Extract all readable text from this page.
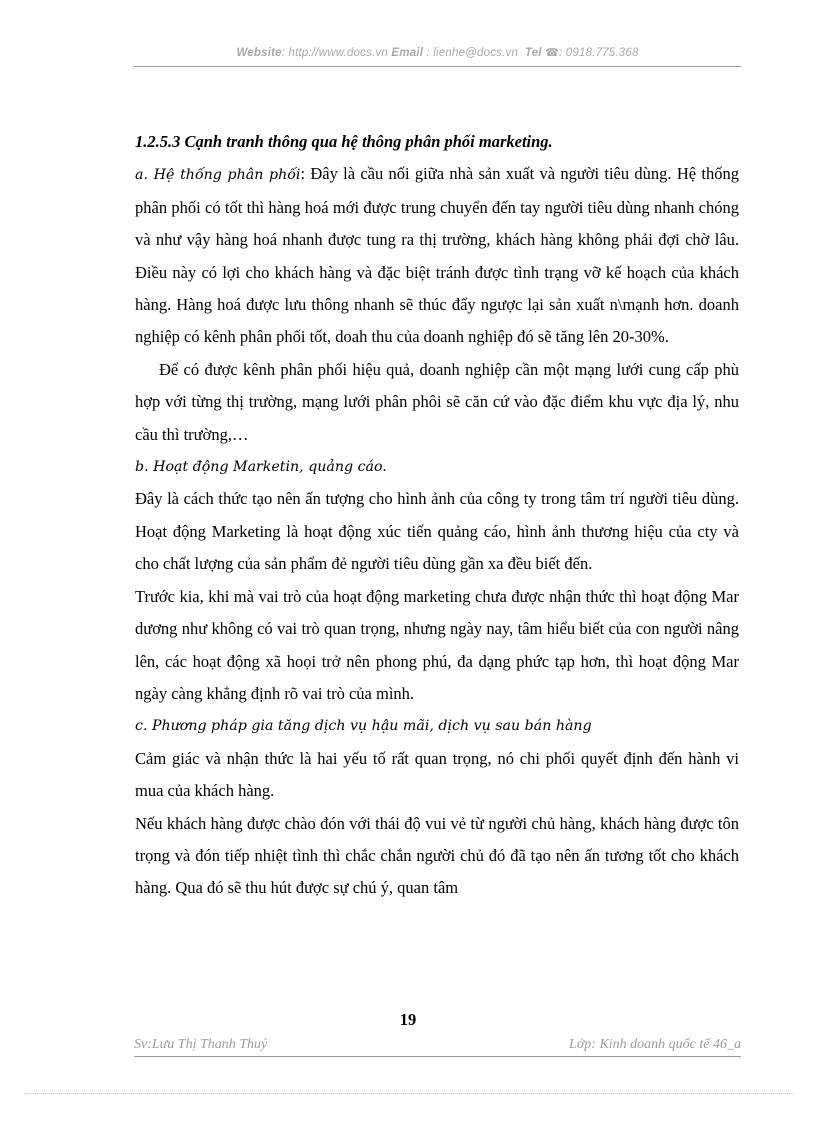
Website: http://www.docs.vn Email : lienhe@docs.vn Tel ☎: 0918.775.368
1.2.5.3 Cạnh tranh thông qua hệ thông phân phối marketing.

a. Hệ thống phân phối: Đây là cầu nối giữa nhà sản xuất và người tiêu dùng. Hệ thống phân phối có tốt thì hàng hoá mới được trung chuyển đến tay người tiêu dùng nhanh chóng và như vậy hàng hoá nhanh được tung ra thị trường, khách hàng không phải đợi chờ lâu. Điều này có lợi cho khách hàng và đặc biệt tránh được tình trạng vỡ kế hoạch của khách hàng. Hàng hoá được lưu thông nhanh sẽ thúc đẩy ngược lại sản xuất n\mạnh hơn. doanh nghiệp có kênh phân phối tốt, doah thu của doanh nghiệp đó sẽ tăng lên 20-30%.

Để có được kênh phân phối hiệu quả, doanh nghiệp cần một mạng lưới cung cấp phù hợp với từng thị trường, mạng lưới phân phôi sẽ căn cứ vào đặc điểm khu vực địa lý, nhu cầu thì trường,…

b. Hoạt động Marketin, quảng cáo.

Đây là cách thức tạo nên ấn tượng cho hình ảnh của công ty trong tâm trí người tiêu dùng. Hoạt động Marketing là hoạt động xúc tiến quảng cáo, hình ảnh thương hiệu của cty và cho chất lượng của sản phẩm đẻ người tiêu dùng gần xa đều biết đến.

Trước kia, khi mà vai trò của hoạt động marketing chưa được nhận thức thì hoạt động Mar dương như không có vai trò quan trọng, nhưng ngày nay, tâm hiểu biết của con người nâng lên, các hoạt động xã hoọi trở nên phong phú, đa dạng phức tạp hơn, thì hoạt động Mar ngày càng khẳng định rõ vai trò của mình.

c. Phương pháp gia tăng dịch vụ hậu mãi, dịch vụ sau bán hàng

Cảm giác và nhận thức là hai yếu tố rất quan trọng, nó chi phối quyết định đến hành vi mua của khách hàng.

Nếu khách hàng được chào đón với thái độ vui vẻ từ người chủ hàng, khách hàng được tôn trọng và đón tiếp nhiệt tình thì chắc chắn người chủ đó đã tạo nên ấn tương tốt cho khách hàng. Qua đó sẽ thu hút được sự chú ý, quan tâm

19
Sv:Lưu Thị Thanh Thuỷ	Lớp: Kinh doanh quốc tế 46_a
